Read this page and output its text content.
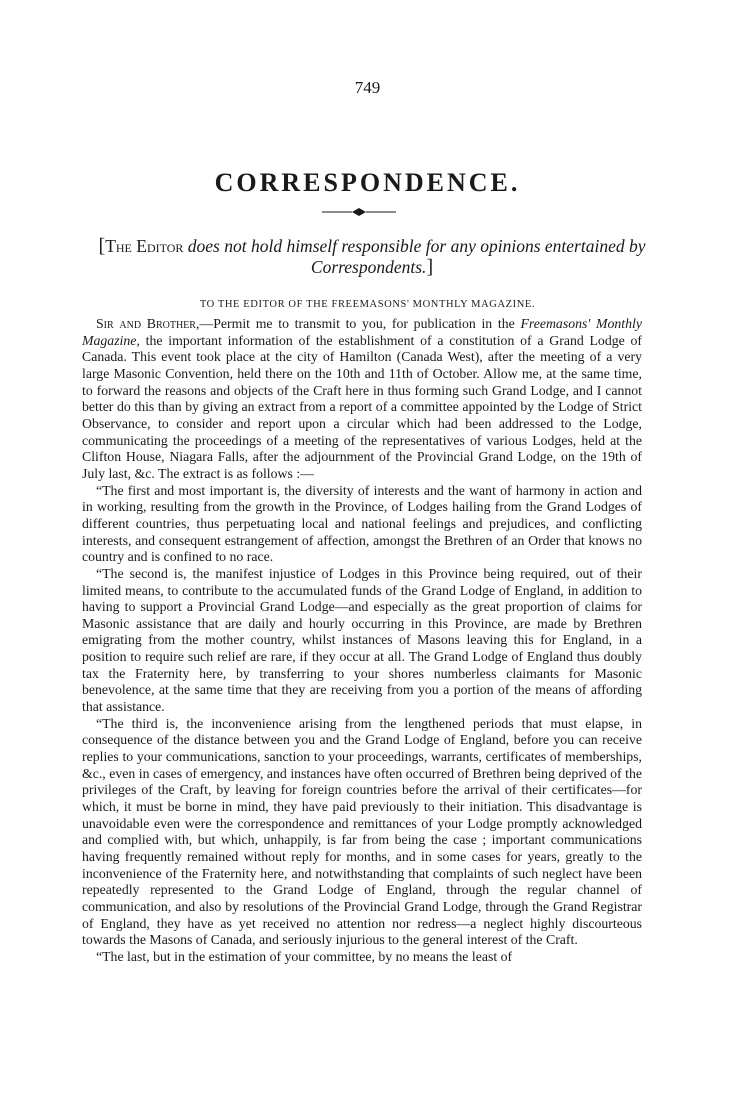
749
CORRESPONDENCE.
[The Editor does not hold himself responsible for any opinions entertained by Correspondents.]
TO THE EDITOR OF THE FREEMASONS' MONTHLY MAGAZINE.

Sir and Brother,—Permit me to transmit to you, for publication in the Freemasons' Monthly Magazine, the important information of the establishment of a constitution of a Grand Lodge of Canada. This event took place at the city of Hamilton (Canada West), after the meeting of a very large Masonic Convention, held there on the 10th and 11th of October. Allow me, at the same time, to forward the reasons and objects of the Craft here in thus forming such Grand Lodge, and I cannot better do this than by giving an extract from a report of a committee appointed by the Lodge of Strict Observance, to consider and report upon a circular which had been addressed to the Lodge, communicating the proceedings of a meeting of the representatives of various Lodges, held at the Clifton House, Niagara Falls, after the adjournment of the Provincial Grand Lodge, on the 19th of July last, &c. The extract is as follows :—

“The first and most important is, the diversity of interests and the want of harmony in action and in working, resulting from the growth in the Province, of Lodges hailing from the Grand Lodges of different countries, thus perpetuating local and national feelings and prejudices, and conflicting interests, and consequent estrangement of affection, amongst the Brethren of an Order that knows no country and is confined to no race.

“The second is, the manifest injustice of Lodges in this Province being required, out of their limited means, to contribute to the accumulated funds of the Grand Lodge of England, in addition to having to support a Provincial Grand Lodge—and especially as the great proportion of claims for Masonic assistance that are daily and hourly occurring in this Province, are made by Brethren emigrating from the mother country, whilst instances of Masons leaving this for England, in a position to require such relief are rare, if they occur at all. The Grand Lodge of England thus doubly tax the Fraternity here, by transferring to your shores numberless claimants for Masonic benevolence, at the same time that they are receiving from you a portion of the means of affording that assistance.

“The third is, the inconvenience arising from the lengthened periods that must elapse, in consequence of the distance between you and the Grand Lodge of England, before you can receive replies to your communications, sanction to your proceedings, warrants, certificates of memberships, &c., even in cases of emergency, and instances have often occurred of Brethren being deprived of the privileges of the Craft, by leaving for foreign countries before the arrival of their certificates—for which, it must be borne in mind, they have paid previously to their initiation. This disadvantage is unavoidable even were the correspondence and remittances of your Lodge promptly acknowledged and complied with, but which, unhappily, is far from being the case ; important communications having frequently remained without reply for months, and in some cases for years, greatly to the inconvenience of the Fraternity here, and notwithstanding that complaints of such neglect have been repeatedly represented to the Grand Lodge of England, through the regular channel of communication, and also by resolutions of the Provincial Grand Lodge, through the Grand Registrar of England, they have as yet received no attention nor redress—a neglect highly discourteous towards the Masons of Canada, and seriously injurious to the general interest of the Craft.

“The last, but in the estimation of your committee, by no means the least of
